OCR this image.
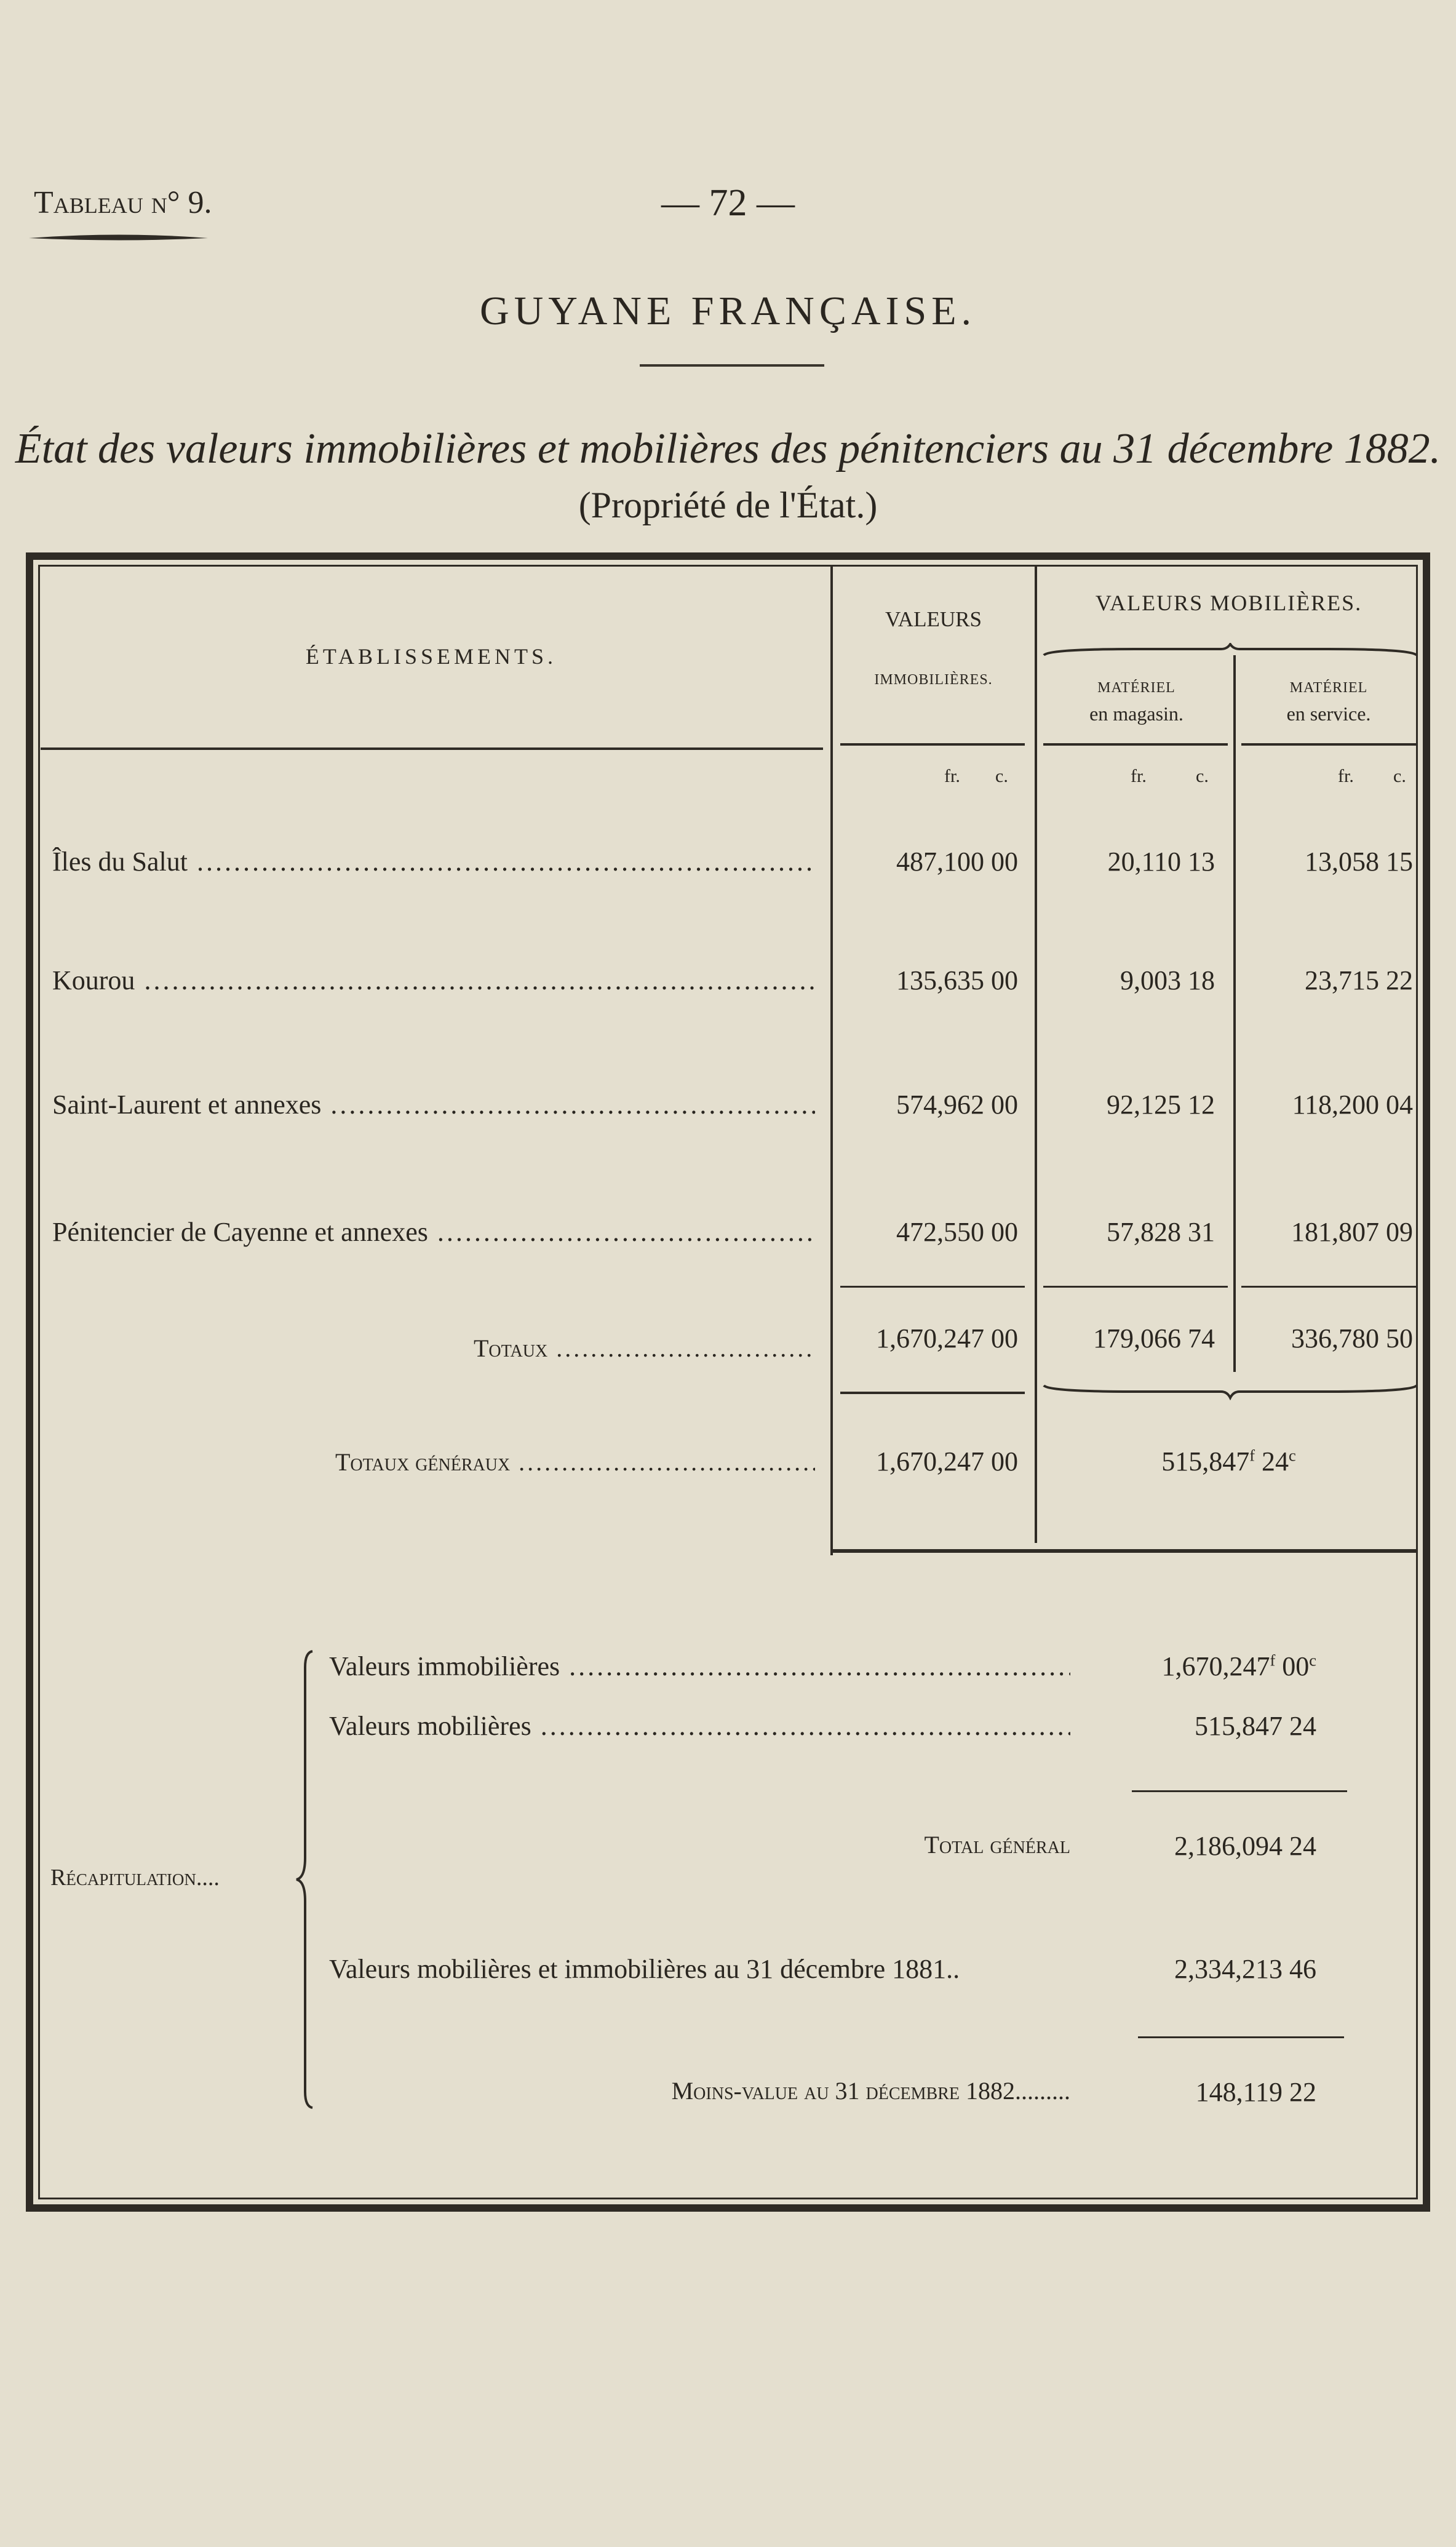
Tableau n° 9.	— 72 —
GUYANE FRANÇAISE.
État des valeurs immobilières et mobilières des pénitenciers au 31 décembre 1882.
(Propriété de l'État.)
ÉTABLISSEMENTS.
VALEURS
IMMOBILIÈRES.
VALEURS MOBILIÈRES.
MATÉRIEL
en magasin.
MATÉRIEL
en service.
fr. c.	fr.	c.	fr. c.
Îles du Salut .....	487,100 00	20,110 13	13,058 15
Kourou .....	135,635 00	9,003 18	23,715 22
Saint-Laurent et annexes .....	574,962 00	92,125 12	118,200 04
Pénitencier de Cayenne et annexes .....	472,550 00	57,828 31	181,807 09
Totaux .....	1,670,247 00	179,066 74	336,780 50
Totaux généraux .....	1,670,247 00	515,847$^f$ 24$^c$
Récapitulation....
Valeurs immobilières .....	1,670,247$^f$ 00$^c$
Valeurs mobilières .....	515,847 24
Total général	2,186,094 24
Valeurs mobilières et immobilières au 31 décembre 1881..	2,334,213 46
Moins-value au 31 décembre 1882.........	148,119 22
